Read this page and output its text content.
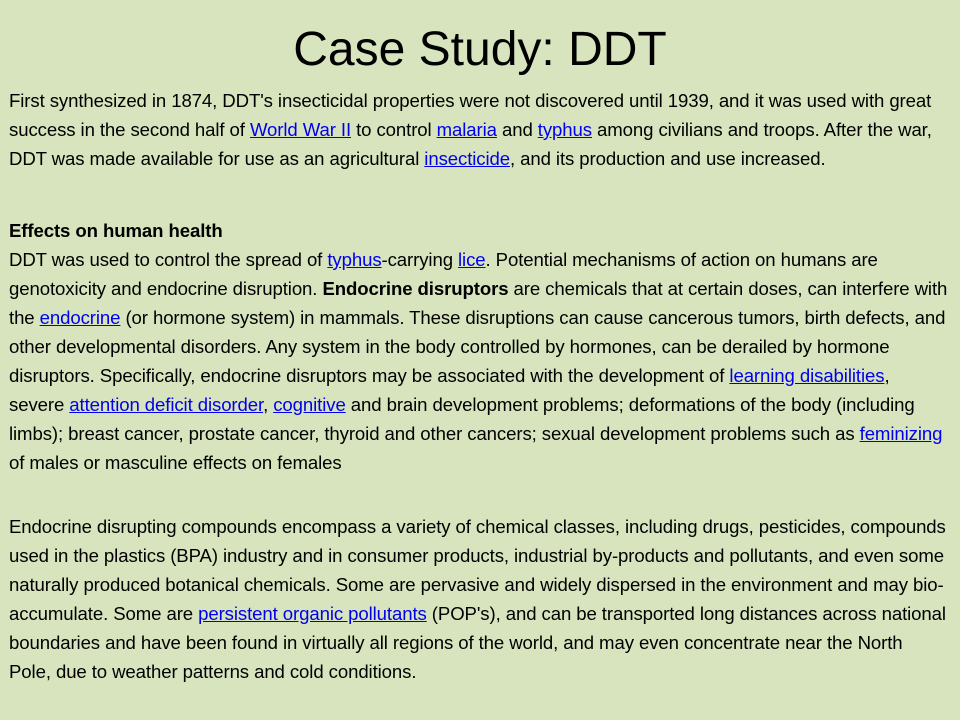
Case Study: DDT

First synthesized in 1874, DDT's insecticidal properties were not discovered until 1939, and it was used with great success in the second half of World War II to control malaria and typhus among civilians and troops. After the war, DDT was made available for use as an agricultural insecticide, and its production and use increased.

Effects on human health
DDT was used to control the spread of typhus-carrying lice. Potential mechanisms of action on humans are genotoxicity and endocrine disruption. Endocrine disruptors are chemicals that at certain doses, can interfere with the endocrine (or hormone system) in mammals. These disruptions can cause cancerous tumors, birth defects, and other developmental disorders. Any system in the body controlled by hormones, can be derailed by hormone disruptors. Specifically, endocrine disruptors may be associated with the development of learning disabilities, severe attention deficit disorder, cognitive and brain development problems; deformations of the body (including limbs); breast cancer, prostate cancer, thyroid and other cancers; sexual development problems such as feminizing of males or masculine effects on females

Endocrine disrupting compounds encompass a variety of chemical classes, including drugs, pesticides, compounds used in the plastics (BPA) industry and in consumer products, industrial by-products and pollutants, and even some naturally produced botanical chemicals. Some are pervasive and widely dispersed in the environment and may bio-accumulate. Some are persistent organic pollutants (POP's), and can be transported long distances across national boundaries and have been found in virtually all regions of the world, and may even concentrate near the North Pole, due to weather patterns and cold conditions.
